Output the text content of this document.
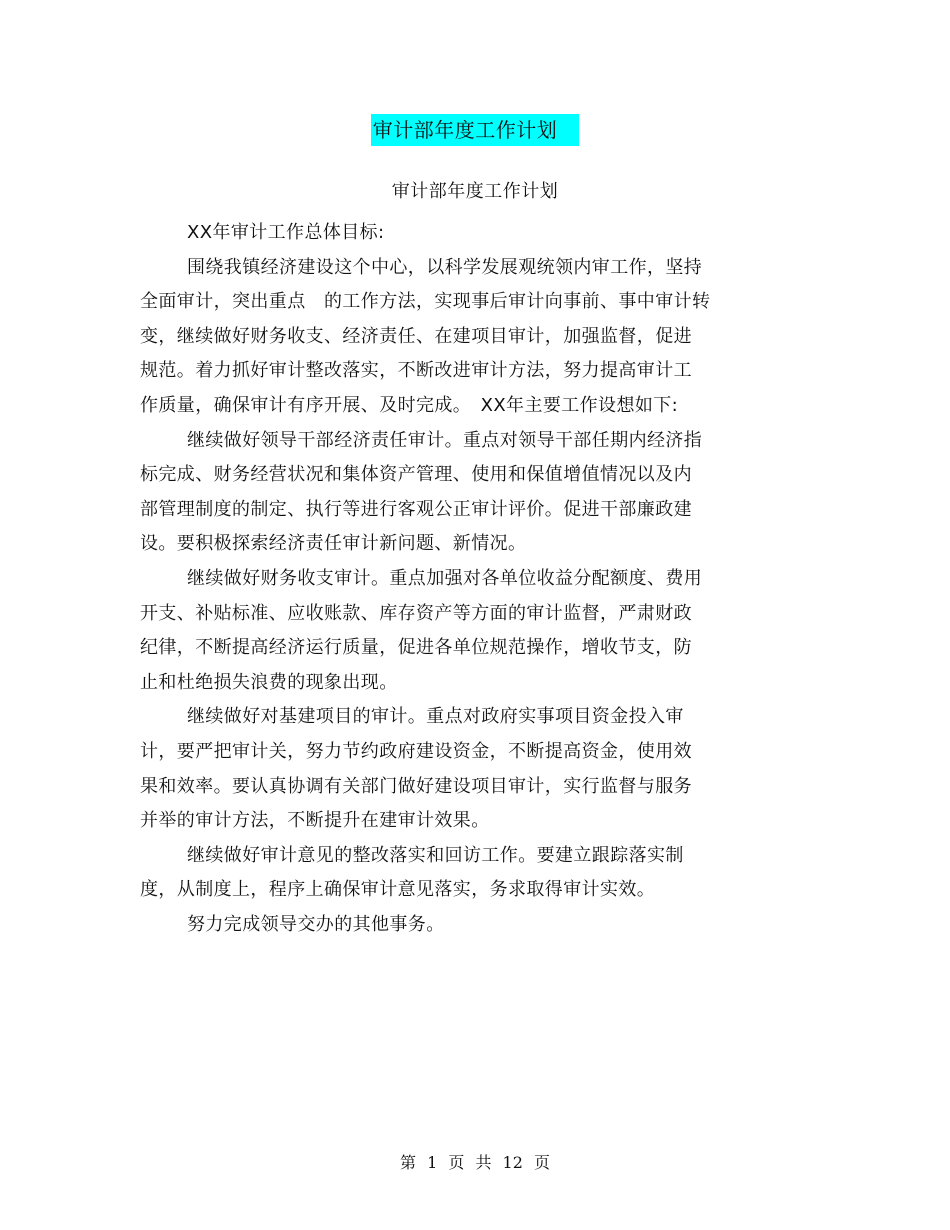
审计部年度工作计划
审计部年度工作计划
XX年审计工作总体目标:
围绕我镇经济建设这个中心，以科学发展观统领内审工作，坚持
全面审计，突出重点　的工作方法，实现事后审计向事前、事中审计转
变，继续做好财务收支、经济责任、在建项目审计，加强监督，促进
规范。着力抓好审计整改落实，不断改进审计方法，努力提高审计工
作质量，确保审计有序开展、及时完成。　XX年主要工作设想如下:
继续做好领导干部经济责任审计。重点对领导干部任期内经济指
标完成、财务经营状况和集体资产管理、使用和保值增值情况以及内
部管理制度的制定、执行等进行客观公正审计评价。促进干部廉政建
设。要积极探索经济责任审计新问题、新情况。
继续做好财务收支审计。重点加强对各单位收益分配额度、费用
开支、补贴标准、应收账款、库存资产等方面的审计监督，严肃财政
纪律，不断提高经济运行质量，促进各单位规范操作，增收节支，防
止和杜绝损失浪费的现象出现。
继续做好对基建项目的审计。重点对政府实事项目资金投入审
计，要严把审计关，努力节约政府建设资金，不断提高资金，使用效
果和效率。要认真协调有关部门做好建设项目审计，实行监督与服务
并举的审计方法，不断提升在建审计效果。
继续做好审计意见的整改落实和回访工作。要建立跟踪落实制
度，从制度上，程序上确保审计意见落实，务求取得审计实效。
努力完成领导交办的其他事务。
第 1 页 共 12 页
